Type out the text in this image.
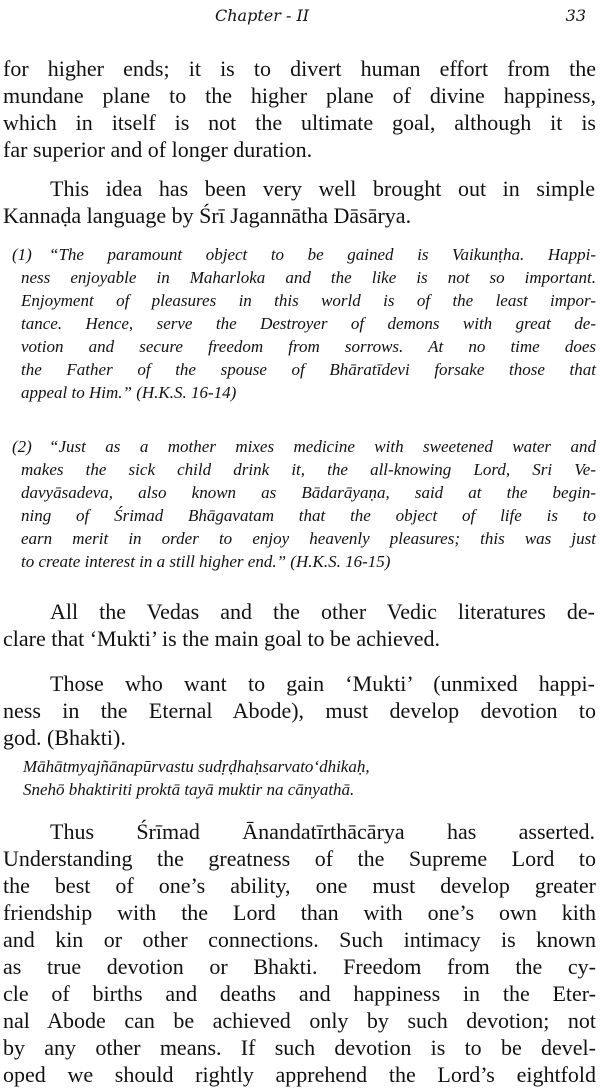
Chapter - II	33
for higher ends; it is to divert human effort from the
mundane plane to the higher plane of divine happiness,
which in itself is not the ultimate goal, although it is
far superior and of longer duration.
This idea has been very well brought out in simple
Kannaḍa language by Śrī Jagannātha Dāsārya.
(1) “The paramount object to be gained is Vaikunṭha. Happi-
ness enjoyable in Maharloka and the like is not so important.
Enjoyment of pleasures in this world is of the least impor-
tance. Hence, serve the Destroyer of demons with great de-
votion and secure freedom from sorrows. At no time does
the Father of the spouse of Bhāratīdevi forsake those that
appeal to Him.” (H.K.S. 16-14)
(2) “Just as a mother mixes medicine with sweetened water and
makes the sick child drink it, the all-knowing Lord, Sri Ve-
davyāsadeva, also known as Bādarāyaṇa, said at the begin-
ning of Śrimad Bhāgavatam that the object of life is to
earn merit in order to enjoy heavenly pleasures; this was just
to create interest in a still higher end.” (H.K.S. 16-15)
All the Vedas and the other Vedic literatures de-
clare that ‘Mukti’ is the main goal to be achieved.
Those who want to gain ‘Mukti’ (unmixed happi-
ness in the Eternal Abode), must develop devotion to
god. (Bhakti).
Māhātmyajñānapūrvastu sudṛḍhaḥsarvato‘dhikaḥ,
Snehō bhaktiriti proktā tayā muktir na cānyathā.
Thus Śrīmad Ānandatīrthācārya has asserted.
Understanding the greatness of the Supreme Lord to
the best of one’s ability, one must develop greater
friendship with the Lord than with one’s own kith
and kin or other connections. Such intimacy is known
as true devotion or Bhakti. Freedom from the cy-
cle of births and deaths and happiness in the Eter-
nal Abode can be achieved only by such devotion; not
by any other means. If such devotion is to be devel-
oped we should rightly apprehend the Lord’s eightfold
